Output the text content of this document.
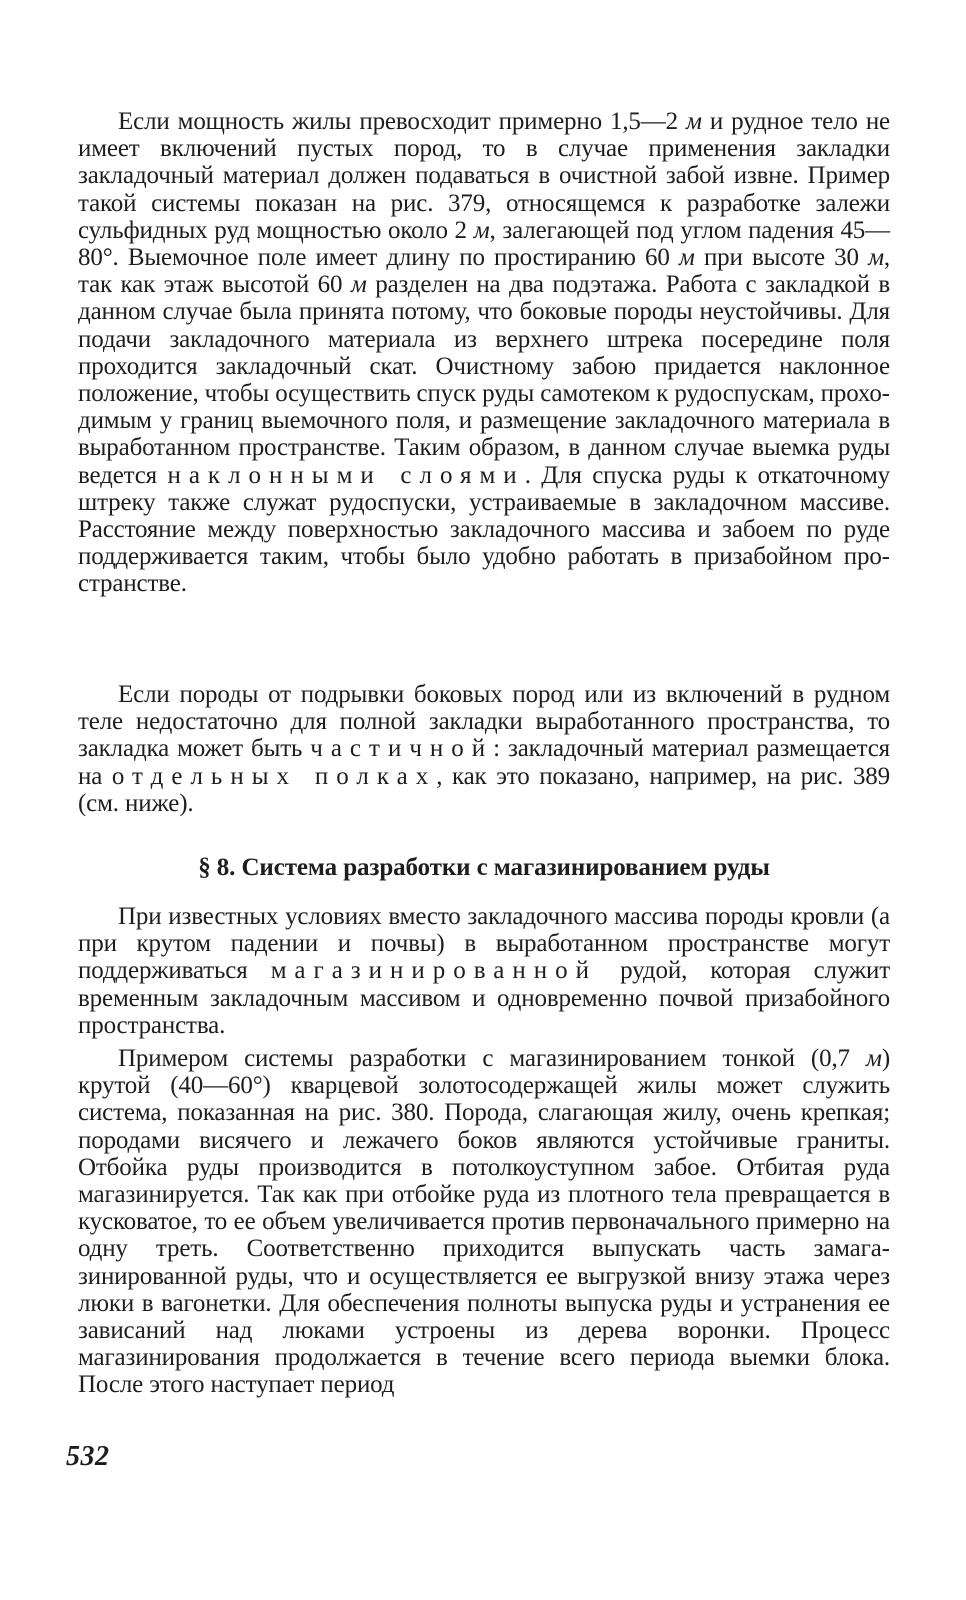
Если мощность жилы превосходит примерно 1,5—2 м и рудное тело не имеет включений пустых пород, то в случае применения закладки закладочный материал должен подаваться в очистной забой извне. Пример такой системы показан на рис. 379, относящемся к разработке залежи сульфидных руд мощностью около 2 м, залегающей под углом падения 45—80°. Выемочное поле имеет длину по простиранию 60 м при высоте 30 м, так как этаж высотой 60 м разделен на два подэтажа. Работа с закладкой в данном случае была принята потому, что боковые породы неустойчивы. Для подачи закладочного материала из верхнего штрека посередине поля проходится закладочный скат. Очистному забою придается наклонное положение, чтобы осуществить спуск руды самотеком к рудоспускам, проходимым у границ выемочного поля, и размещение закладочного материала в выработанном пространстве. Таким образом, в данном случае выемка руды ведется наклонными слоями. Для спуска руды к откаточному штреку также служат рудоспуски, устраиваемые в закладочном массиве. Расстояние между поверхностью закладочного массива и забоем по руде поддерживается таким, чтобы было удобно работать в призабойном пространстве.

Если породы от подрывки боковых пород или из включений в рудном теле недостаточно для полной закладки выработанного пространства, то закладка может быть частичной: закладочный материал размещается на отдельных полках, как это показано, например, на рис. 389 (см. ниже).

§ 8. Система разработки с магазинированием руды

При известных условиях вместо закладочного массива породы кровли (а при крутом падении и почвы) в выработанном пространстве могут поддерживаться магазинированной рудой, которая служит временным закладочным массивом и одновременно почвой призабойного пространства.

Примером системы разработки с магазинированием тонкой (0,7 м) крутой (40—60°) кварцевой золотосодержащей жилы может служить система, показанная на рис. 380. Порода, слагающая жилу, очень крепкая; породами висячего и лежачего боков являются устойчивые граниты. Отбойка руды производится в потолкоуступном забое. Отбитая руда магазинируется. Так как при отбойке руда из плотного тела превращается в кусковатое, то ее объем увеличивается против первоначального примерно на одну треть. Соответственно приходится выпускать часть замагазинированной руды, что и осуществляется ее выгрузкой внизу этажа через люки в вагонетки. Для обеспечения полноты выпуска руды и устранения ее зависаний над люками устроены из дерева воронки. Процесс магазинирования продолжается в течение всего периода выемки блока. После этого наступает период

532
